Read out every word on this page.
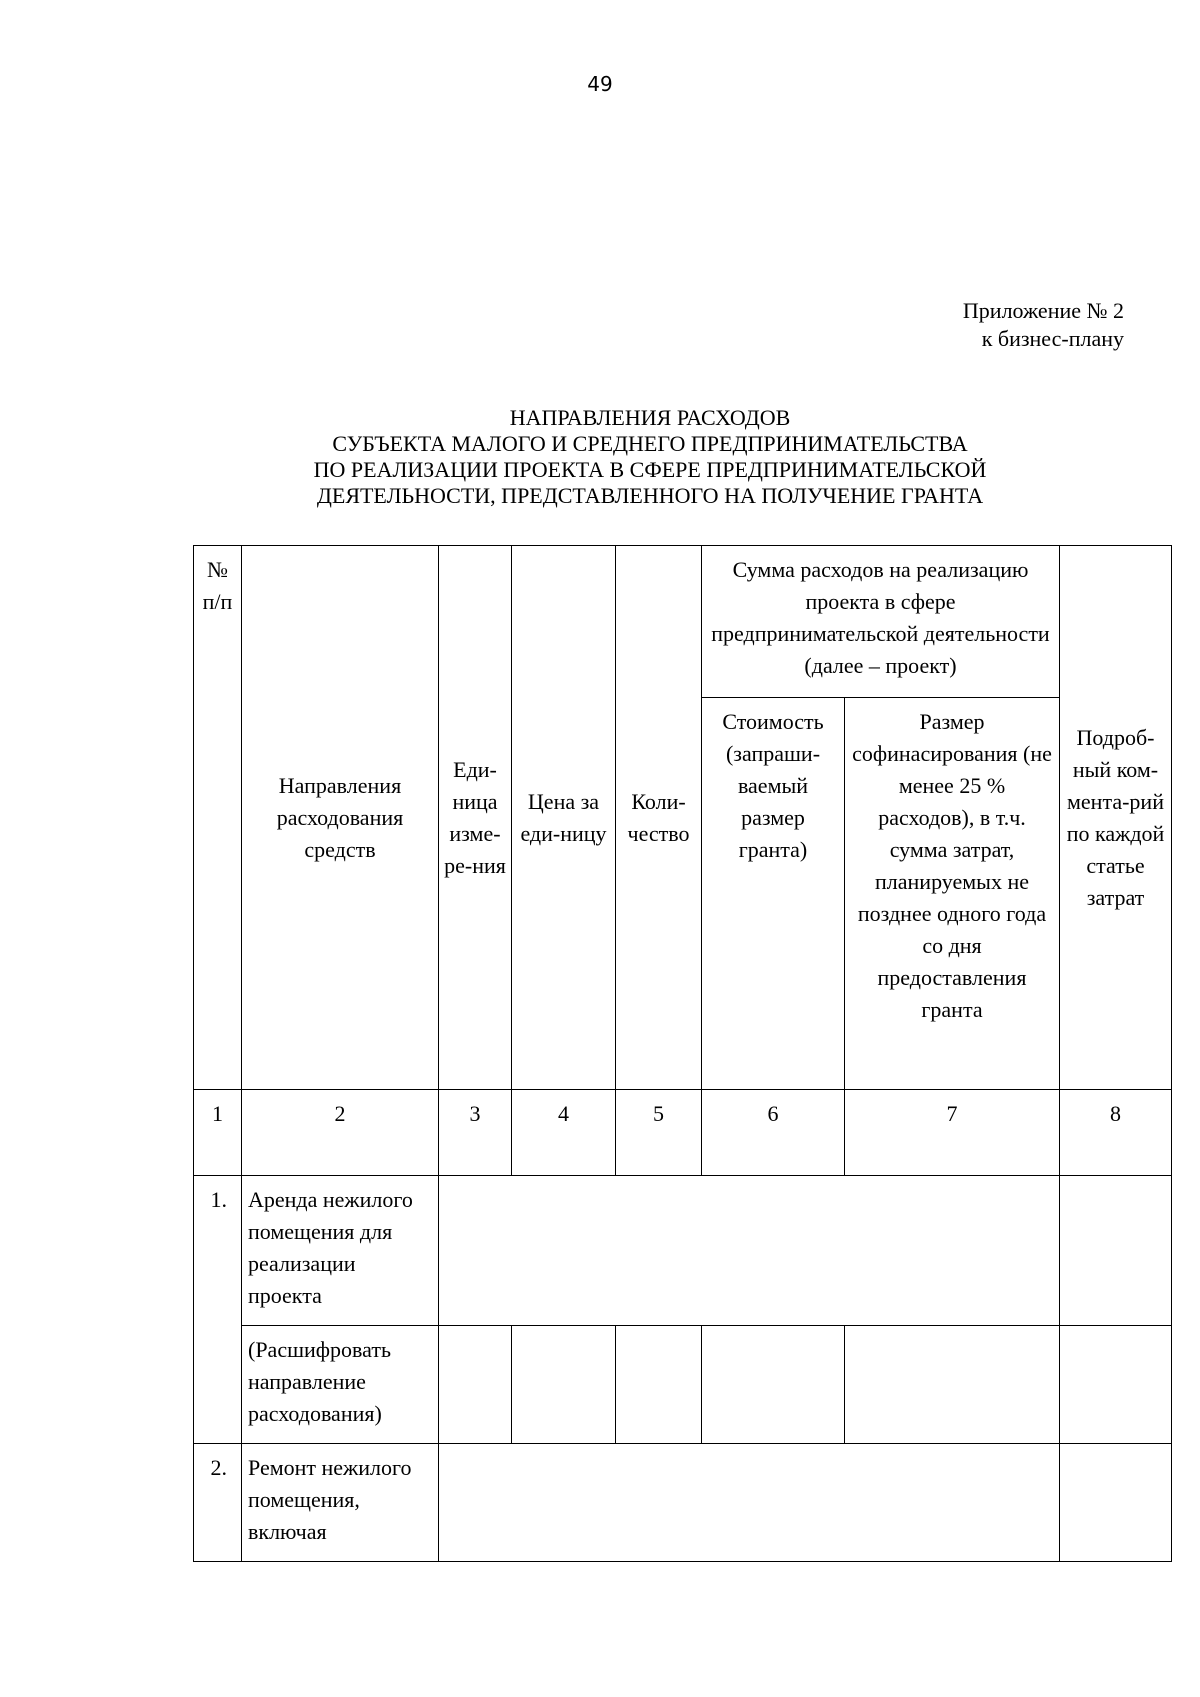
49
Приложение № 2
к бизнес-плану
НАПРАВЛЕНИЯ РАСХОДОВ
СУБЪЕКТА МАЛОГО И СРЕДНЕГО ПРЕДПРИНИМАТЕЛЬСТВА
ПО РЕАЛИЗАЦИИ ПРОЕКТА В СФЕРЕ ПРЕДПРИНИМАТЕЛЬСКОЙ
ДЕЯТЕЛЬНОСТИ, ПРЕДСТАВЛЕННОГО НА ПОЛУЧЕНИЕ ГРАНТА
№ п/п	Направления расходования средств	Еди-ница изме-ре-ния	Цена за еди-ницу	Коли-чество	Сумма расходов на реализацию проекта в сфере предпринимательской деятельности (далее – проект)		Подроб-ный ком-мента-рий по каждой статье затрат
					Стоимость (запраши-ваемый размер гранта)	Размер софинасирования (не менее 25 % расходов), в т.ч. сумма затрат, планируемых не позднее одного года со дня предоставления гранта	
1	2	3	4	5	6	7	8
1.	Аренда нежилого помещения для реализации проекта						
	(Расшифровать направление расходования)						
2.	Ремонт нежилого помещения, включая						
